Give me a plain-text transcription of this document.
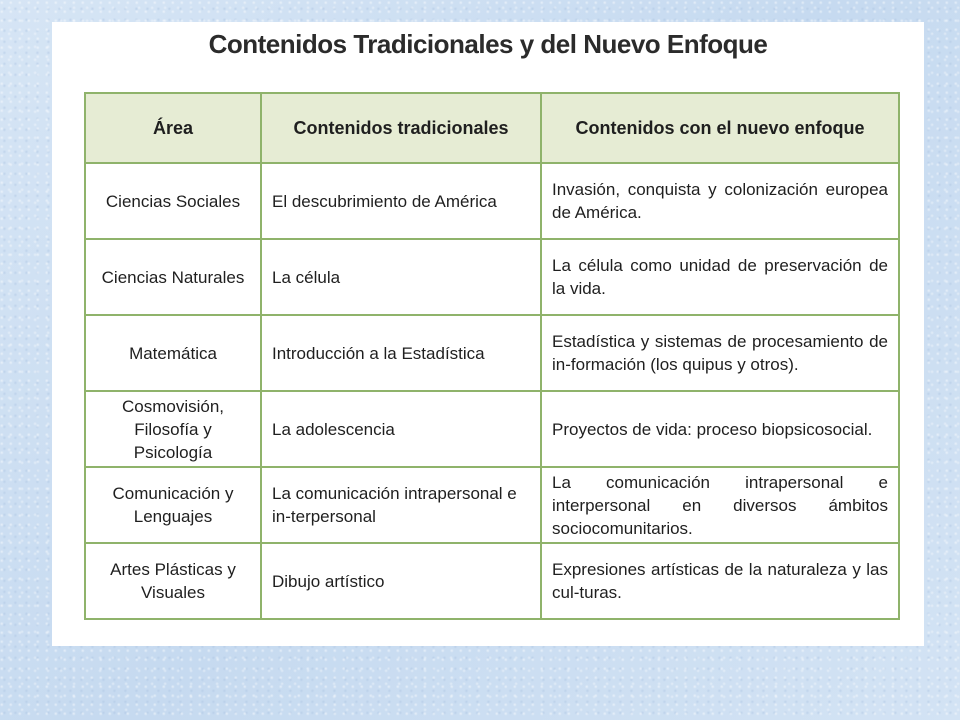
Contenidos Tradicionales y del Nuevo Enfoque
Área	Contenidos tradicionales	Contenidos con el nuevo enfoque
Ciencias Sociales	El descubrimiento de América	Invasión, conquista y colonización europea de América.
Ciencias Naturales	La célula	La célula como unidad de preservación de la vida.
Matemática	Introducción a la Estadística	Estadística y sistemas de procesamiento de in-formación (los quipus y otros).
Cosmovisión, Filosofía y Psicología	La adolescencia	Proyectos de vida: proceso biopsicosocial.
Comunicación y Lenguajes	La comunicación intrapersonal e in-terpersonal	La comunicación intrapersonal e interpersonal en diversos ámbitos sociocomunitarios.
Artes Plásticas y Visuales	Dibujo artístico	Expresiones artísticas de la naturaleza y las cul-turas.
